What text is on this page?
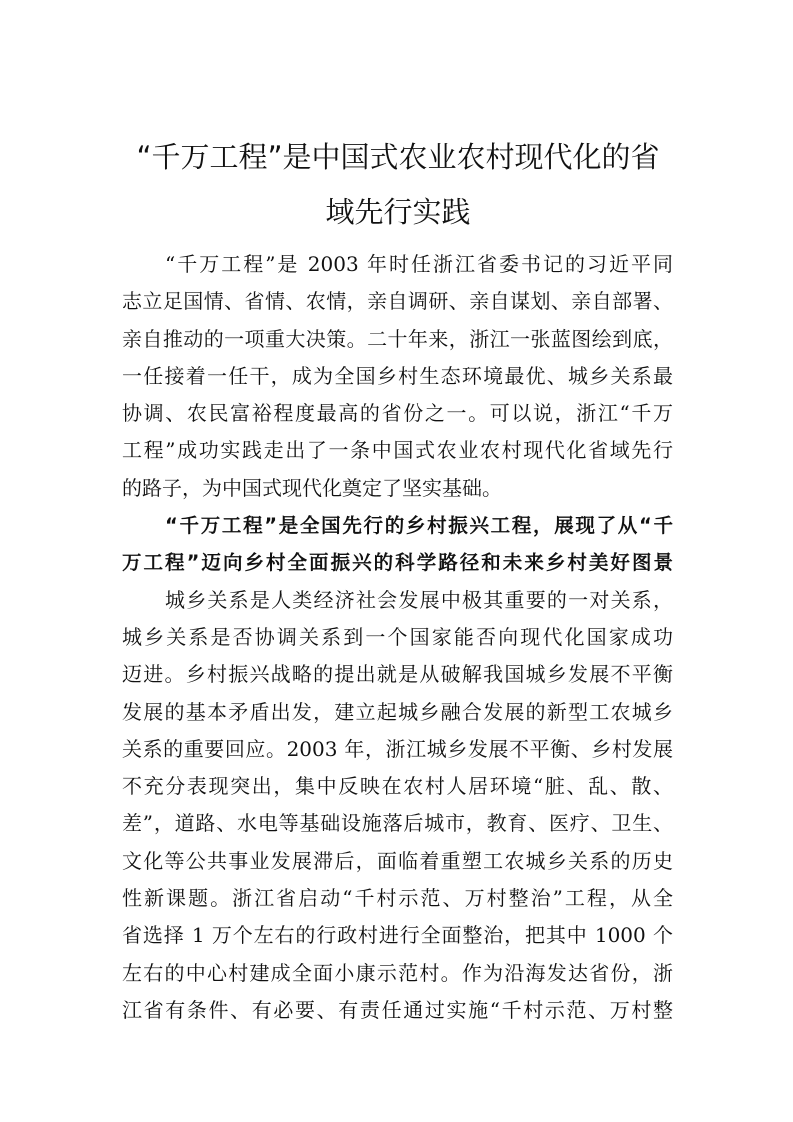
“千万工程”是中国式农业农村现代化的省
域先行实践
“千万工程”是 2003 年时任浙江省委书记的习近平同
志立足国情、省情、农情，亲自调研、亲自谋划、亲自部署、
亲自推动的一项重大决策。二十年来，浙江一张蓝图绘到底，
一任接着一任干，成为全国乡村生态环境最优、城乡关系最
协调、农民富裕程度最高的省份之一。可以说，浙江“千万
工程”成功实践走出了一条中国式农业农村现代化省域先行
的路子，为中国式现代化奠定了坚实基础。
“千万工程”是全国先行的乡村振兴工程，展现了从“千
万工程”迈向乡村全面振兴的科学路径和未来乡村美好图景
城乡关系是人类经济社会发展中极其重要的一对关系，
城乡关系是否协调关系到一个国家能否向现代化国家成功
迈进。乡村振兴战略的提出就是从破解我国城乡发展不平衡
发展的基本矛盾出发，建立起城乡融合发展的新型工农城乡
关系的重要回应。2003 年，浙江城乡发展不平衡、乡村发展
不充分表现突出，集中反映在农村人居环境“脏、乱、散、
差”，道路、水电等基础设施落后城市，教育、医疗、卫生、
文化等公共事业发展滞后，面临着重塑工农城乡关系的历史
性新课题。浙江省启动“千村示范、万村整治”工程，从全
省选择 1 万个左右的行政村进行全面整治，把其中 1000 个
左右的中心村建成全面小康示范村。作为沿海发达省份，浙
江省有条件、有必要、有责任通过实施“千村示范、万村整
